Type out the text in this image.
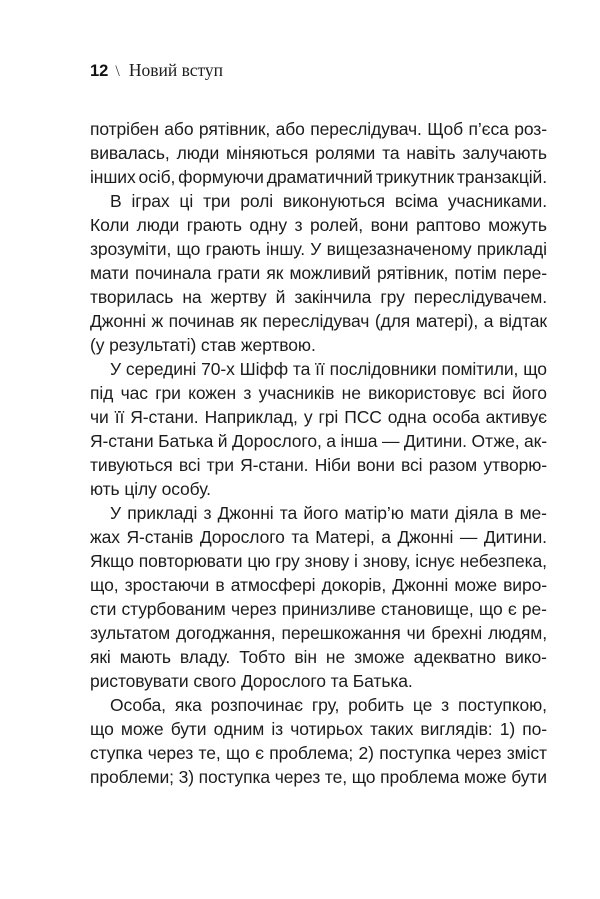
12 \ Новий вступ
потрібен або рятівник, або переслідувач. Щоб п’єса роз-
вивалась, люди міняються ролями та навіть залучають
інших осіб, формуючи драматичний трикутник транзакцій.
В іграх ці три ролі виконуються всіма учасниками.
Коли люди грають одну з ролей, вони раптово можуть
зрозуміти, що грають іншу. У вищезазначеному прикладі
мати починала грати як можливий рятівник, потім пере-
творилась на жертву й закінчила гру переслідувачем.
Джонні ж починав як переслідувач (для матері), а відтак
(у результаті) став жертвою.
У середині 70-х Шіфф та її послідовники помітили, що
під час гри кожен з учасників не використовує всі його
чи її Я-стани. Наприклад, у грі ПСС одна особа активує
Я-стани Батька й Дорослого, а інша — Дитини. Отже, ак-
тивуються всі три Я-стани. Ніби вони всі разом утворю-
ють цілу особу.
У прикладі з Джонні та його матір’ю мати діяла в ме-
жах Я-станів Дорослого та Матері, а Джонні — Дитини.
Якщо повторювати цю гру знову і знову, існує небезпека,
що, зростаючи в атмосфері докорів, Джонні може виро-
сти стурбованим через принизливе становище, що є ре-
зультатом догоджання, перешкожання чи брехні людям,
які мають владу. Тобто він не зможе адекватно вико-
ристовувати свого Дорослого та Батька.
Особа, яка розпочинає гру, робить це з поступкою,
що може бути одним із чотирьох таких виглядів: 1) по-
ступка через те, що є проблема; 2) поступка через зміст
проблеми; 3) поступка через те, що проблема може бути
